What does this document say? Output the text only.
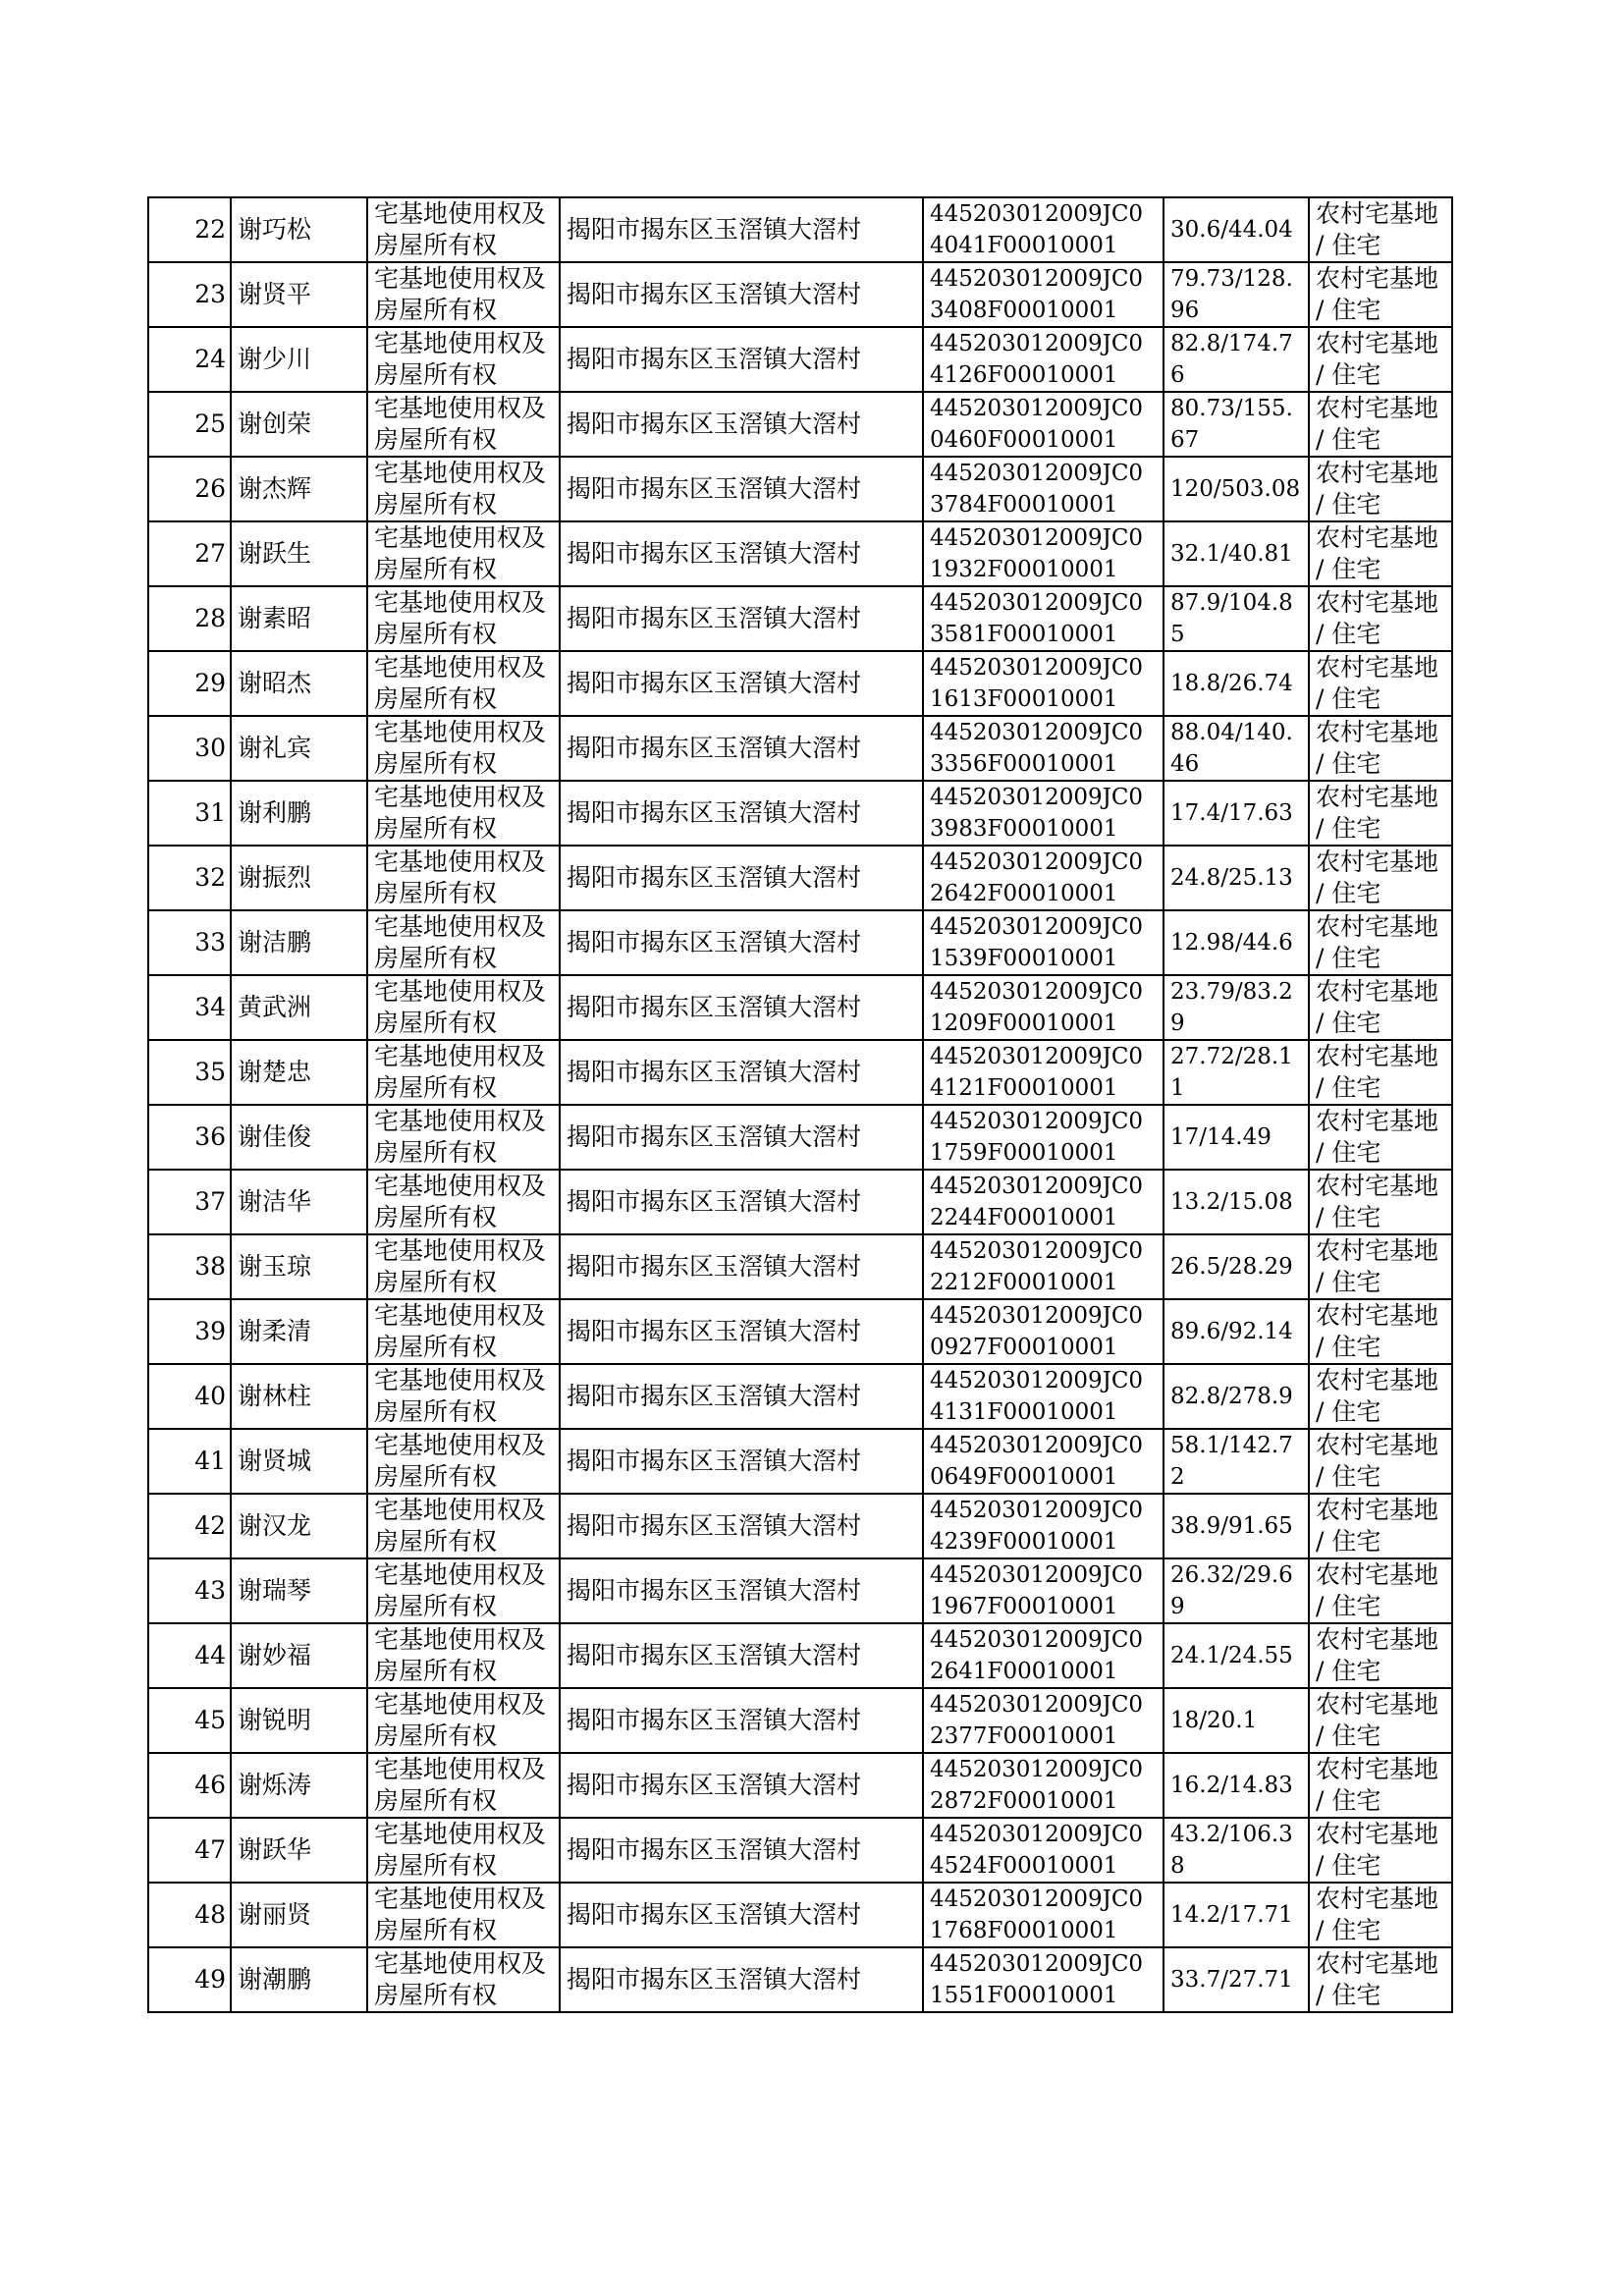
22	谢巧松	宅基地使用权及房屋所有权	揭阳市揭东区玉滘镇大滘村	445203012009JC04041F00010001	30.6/44.04	农村宅基地 / 住宅
23	谢贤平	宅基地使用权及房屋所有权	揭阳市揭东区玉滘镇大滘村	445203012009JC03408F00010001	79.73/128.96	农村宅基地 / 住宅
24	谢少川	宅基地使用权及房屋所有权	揭阳市揭东区玉滘镇大滘村	445203012009JC04126F00010001	82.8/174.76	农村宅基地 / 住宅
25	谢创荣	宅基地使用权及房屋所有权	揭阳市揭东区玉滘镇大滘村	445203012009JC00460F00010001	80.73/155.67	农村宅基地 / 住宅
26	谢杰辉	宅基地使用权及房屋所有权	揭阳市揭东区玉滘镇大滘村	445203012009JC03784F00010001	120/503.08	农村宅基地 / 住宅
27	谢跃生	宅基地使用权及房屋所有权	揭阳市揭东区玉滘镇大滘村	445203012009JC01932F00010001	32.1/40.81	农村宅基地 / 住宅
28	谢素昭	宅基地使用权及房屋所有权	揭阳市揭东区玉滘镇大滘村	445203012009JC03581F00010001	87.9/104.85	农村宅基地 / 住宅
29	谢昭杰	宅基地使用权及房屋所有权	揭阳市揭东区玉滘镇大滘村	445203012009JC01613F00010001	18.8/26.74	农村宅基地 / 住宅
30	谢礼宾	宅基地使用权及房屋所有权	揭阳市揭东区玉滘镇大滘村	445203012009JC03356F00010001	88.04/140.46	农村宅基地 / 住宅
31	谢利鹏	宅基地使用权及房屋所有权	揭阳市揭东区玉滘镇大滘村	445203012009JC03983F00010001	17.4/17.63	农村宅基地 / 住宅
32	谢振烈	宅基地使用权及房屋所有权	揭阳市揭东区玉滘镇大滘村	445203012009JC02642F00010001	24.8/25.13	农村宅基地 / 住宅
33	谢洁鹏	宅基地使用权及房屋所有权	揭阳市揭东区玉滘镇大滘村	445203012009JC01539F00010001	12.98/44.6	农村宅基地 / 住宅
34	黄武洲	宅基地使用权及房屋所有权	揭阳市揭东区玉滘镇大滘村	445203012009JC01209F00010001	23.79/83.29	农村宅基地 / 住宅
35	谢楚忠	宅基地使用权及房屋所有权	揭阳市揭东区玉滘镇大滘村	445203012009JC04121F00010001	27.72/28.11	农村宅基地 / 住宅
36	谢佳俊	宅基地使用权及房屋所有权	揭阳市揭东区玉滘镇大滘村	445203012009JC01759F00010001	17/14.49	农村宅基地 / 住宅
37	谢洁华	宅基地使用权及房屋所有权	揭阳市揭东区玉滘镇大滘村	445203012009JC02244F00010001	13.2/15.08	农村宅基地 / 住宅
38	谢玉琼	宅基地使用权及房屋所有权	揭阳市揭东区玉滘镇大滘村	445203012009JC02212F00010001	26.5/28.29	农村宅基地 / 住宅
39	谢柔清	宅基地使用权及房屋所有权	揭阳市揭东区玉滘镇大滘村	445203012009JC00927F00010001	89.6/92.14	农村宅基地 / 住宅
40	谢林柱	宅基地使用权及房屋所有权	揭阳市揭东区玉滘镇大滘村	445203012009JC04131F00010001	82.8/278.9	农村宅基地 / 住宅
41	谢贤城	宅基地使用权及房屋所有权	揭阳市揭东区玉滘镇大滘村	445203012009JC00649F00010001	58.1/142.72	农村宅基地 / 住宅
42	谢汉龙	宅基地使用权及房屋所有权	揭阳市揭东区玉滘镇大滘村	445203012009JC04239F00010001	38.9/91.65	农村宅基地 / 住宅
43	谢瑞琴	宅基地使用权及房屋所有权	揭阳市揭东区玉滘镇大滘村	445203012009JC01967F00010001	26.32/29.69	农村宅基地 / 住宅
44	谢妙福	宅基地使用权及房屋所有权	揭阳市揭东区玉滘镇大滘村	445203012009JC02641F00010001	24.1/24.55	农村宅基地 / 住宅
45	谢锐明	宅基地使用权及房屋所有权	揭阳市揭东区玉滘镇大滘村	445203012009JC02377F00010001	18/20.1	农村宅基地 / 住宅
46	谢烁涛	宅基地使用权及房屋所有权	揭阳市揭东区玉滘镇大滘村	445203012009JC02872F00010001	16.2/14.83	农村宅基地 / 住宅
47	谢跃华	宅基地使用权及房屋所有权	揭阳市揭东区玉滘镇大滘村	445203012009JC04524F00010001	43.2/106.38	农村宅基地 / 住宅
48	谢丽贤	宅基地使用权及房屋所有权	揭阳市揭东区玉滘镇大滘村	445203012009JC01768F00010001	14.2/17.71	农村宅基地 / 住宅
49	谢潮鹏	宅基地使用权及房屋所有权	揭阳市揭东区玉滘镇大滘村	445203012009JC01551F00010001	33.7/27.71	农村宅基地 / 住宅
